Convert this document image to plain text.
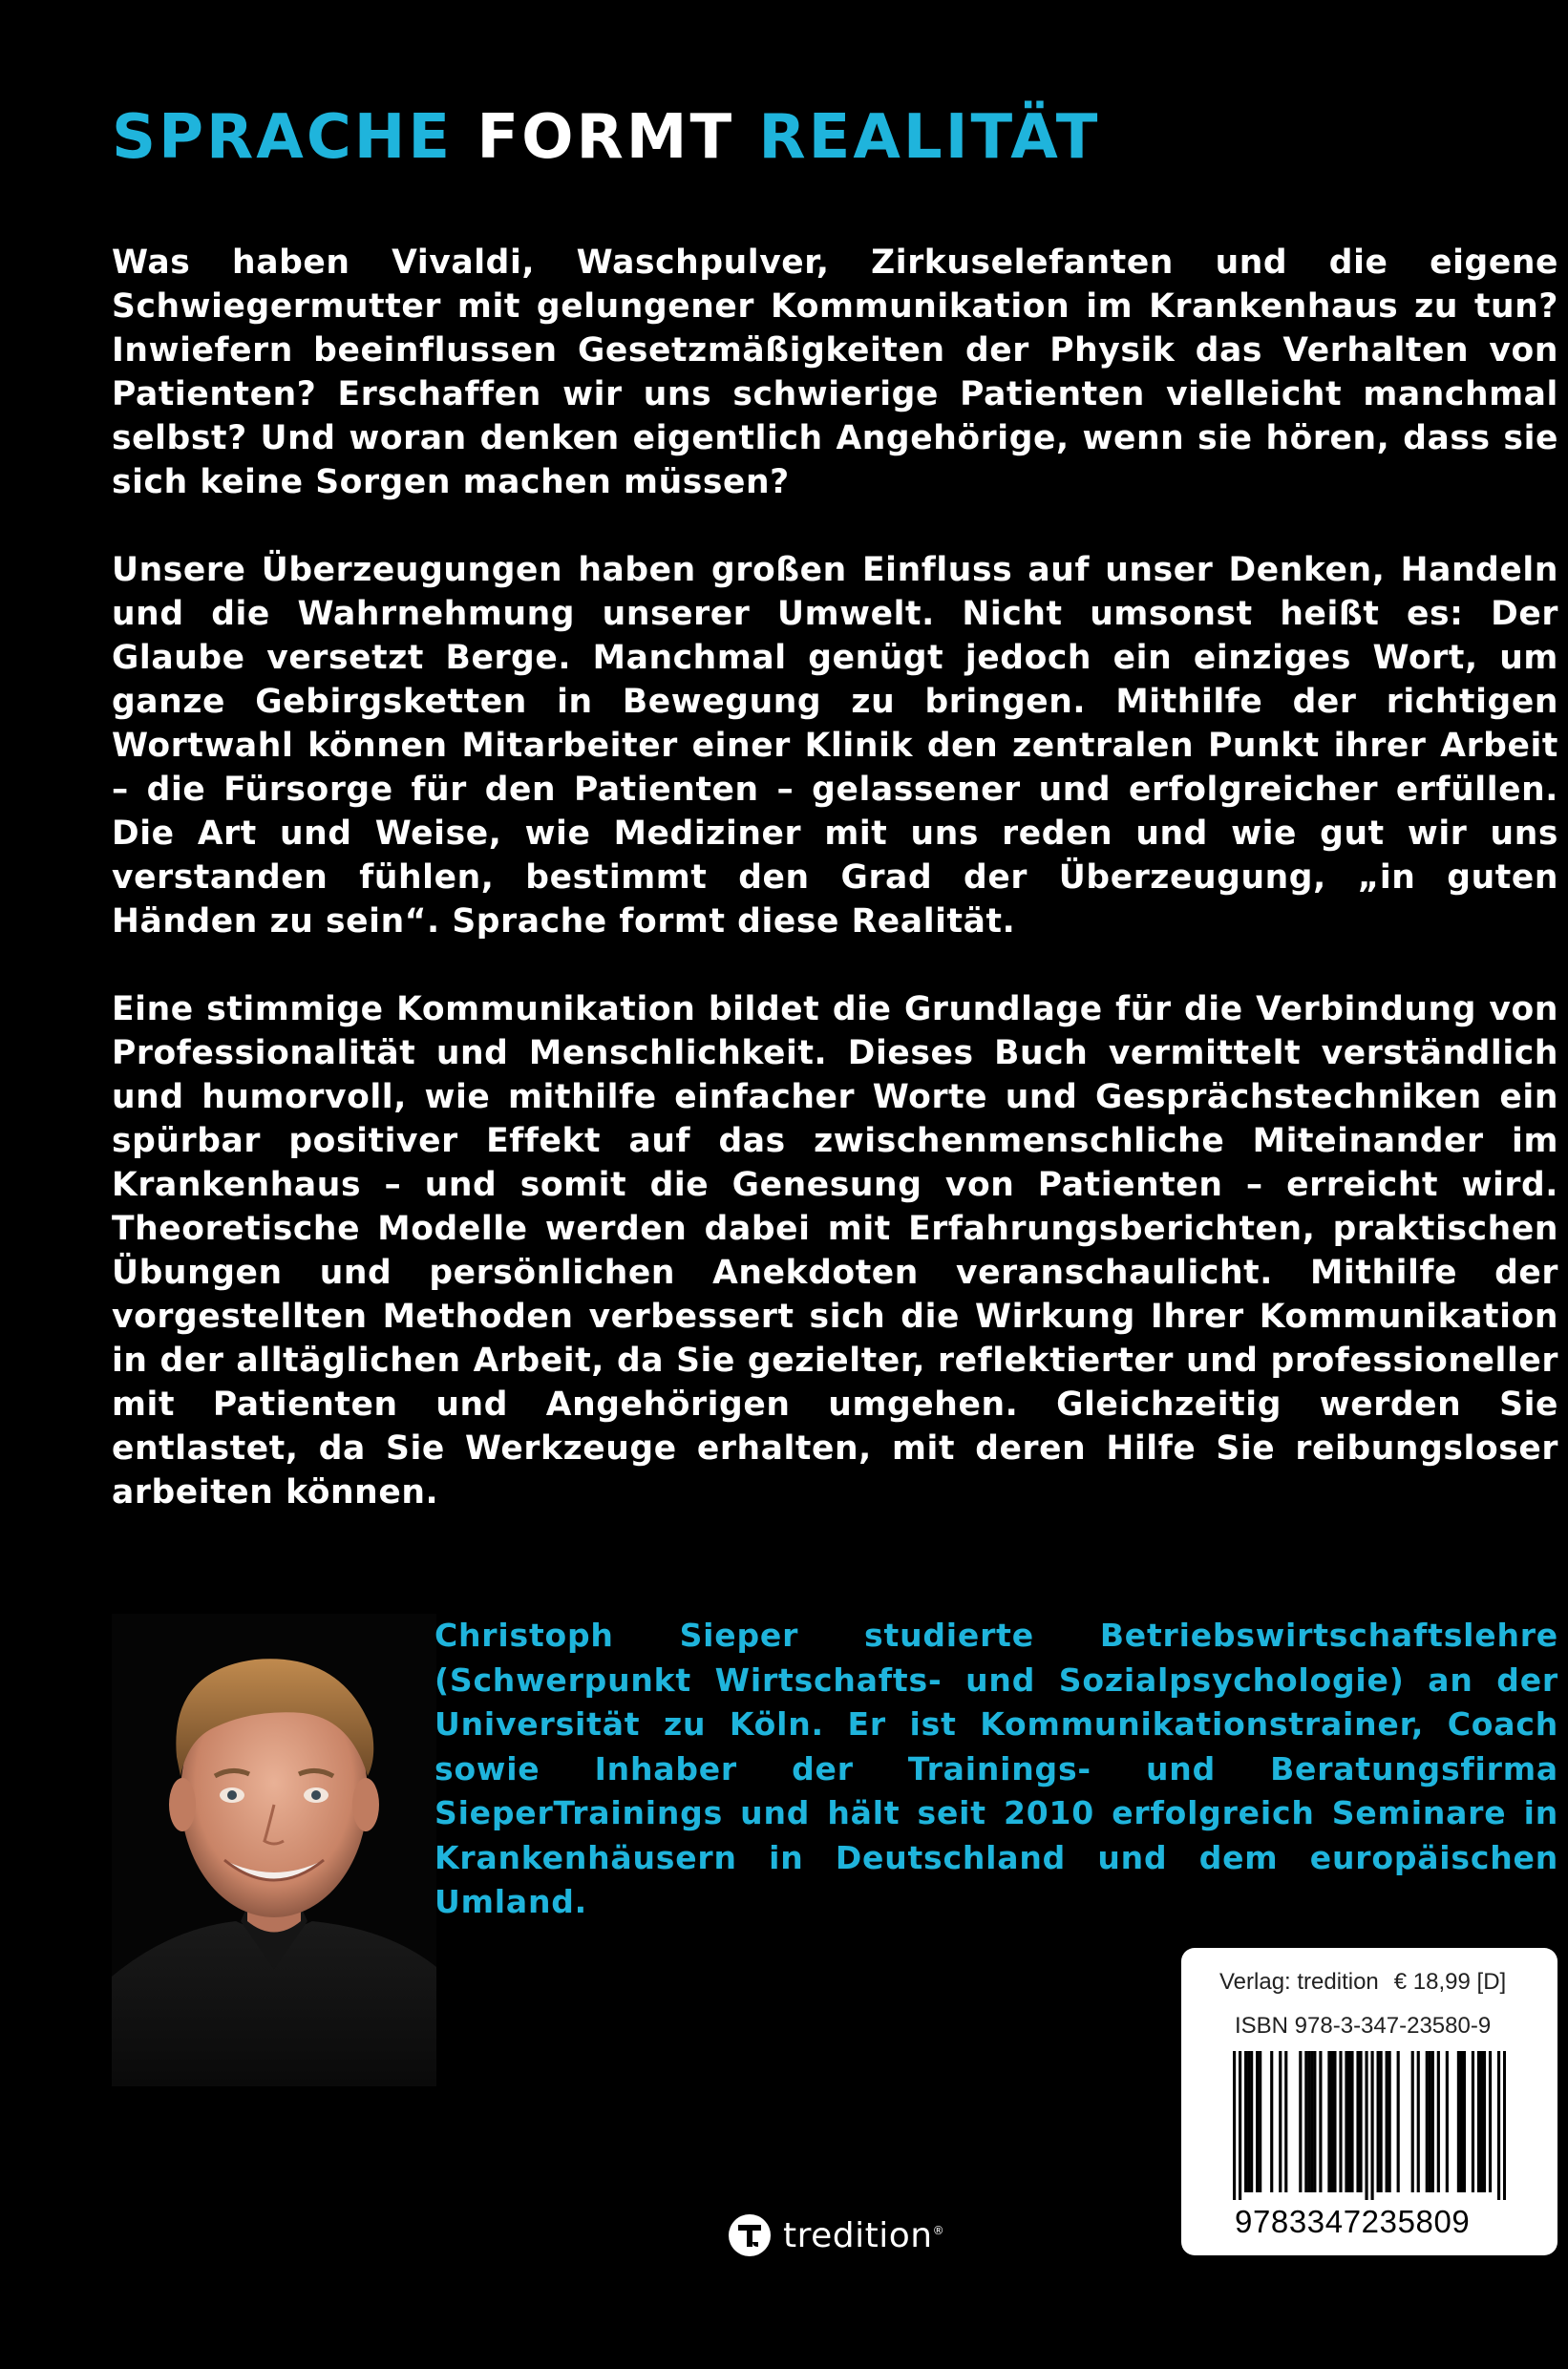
SPRACHE FORMT REALITÄT

Was haben Vivaldi, Waschpulver, Zirkuselefanten und die eigene Schwiegermutter mit gelungener Kommunikation im Krankenhaus zu tun? Inwiefern beeinflussen Gesetzmäßigkeiten der Physik das Verhalten von Patienten? Erschaffen wir uns schwierige Patienten vielleicht manchmal selbst? Und woran denken eigentlich Angehörige, wenn sie hören, dass sie sich keine Sorgen machen müssen?

Unsere Überzeugungen haben großen Einfluss auf unser Denken, Handeln und die Wahrnehmung unserer Umwelt. Nicht umsonst heißt es: Der Glaube versetzt Berge. Manchmal genügt jedoch ein einziges Wort, um ganze Gebirgsketten in Bewegung zu bringen. Mithilfe der richtigen Wortwahl können Mitarbeiter einer Klinik den zentralen Punkt ihrer Arbeit – die Fürsorge für den Patienten – gelassener und erfolgreicher erfüllen. Die Art und Weise, wie Mediziner mit uns reden und wie gut wir uns verstanden fühlen, bestimmt den Grad der Überzeugung, „in guten Händen zu sein“. Sprache formt diese Realität.

Eine stimmige Kommunikation bildet die Grundlage für die Verbindung von Professionalität und Menschlichkeit. Dieses Buch vermittelt verständlich und humorvoll, wie mithilfe einfacher Worte und Gesprächstechniken ein spürbar positiver Effekt auf das zwischenmenschliche Miteinander im Krankenhaus – und somit die Genesung von Patienten – erreicht wird. Theoretische Modelle werden dabei mit Erfahrungsberichten, praktischen Übungen und persönlichen Anekdoten veranschaulicht. Mithilfe der vorgestellten Methoden verbessert sich die Wirkung Ihrer Kommunikation in der alltäglichen Arbeit, da Sie gezielter, reflektierter und professioneller mit Patienten und Angehörigen umgehen. Gleichzeitig werden Sie entlastet, da Sie Werkzeuge erhalten, mit deren Hilfe Sie reibungsloser arbeiten können.

Christoph Sieper studierte Betriebswirtschaftslehre (Schwerpunkt Wirtschafts- und Sozialpsychologie) an der Universität zu Köln. Er ist Kommunikationstrainer, Coach sowie Inhaber der Trainings- und Beratungsfirma SieperTrainings und hält seit 2010 erfolgreich Seminare in Krankenhäusern in Deutschland und dem europäischen Umland.

Verlag: tredition € 18,99 [D]
ISBN 978-3-347-23580-9
9783347235809
tredition®
